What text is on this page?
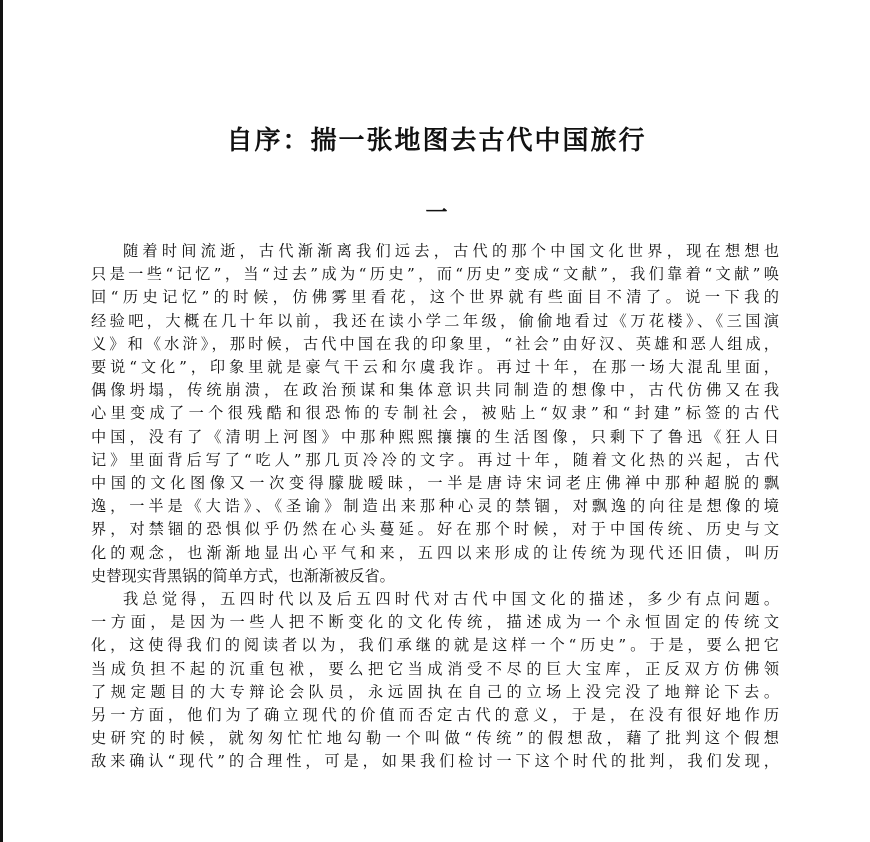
自序：揣一张地图去古代中国旅行
一
随着时间流逝，古代渐渐离我们远去，古代的那个中国文化世界，现在想想也
只是一些“记忆”，当“过去”成为“历史”，而“历史”变成“文献”，我们靠着“文献”唤
回“历史记忆”的时候，仿佛雾里看花，这个世界就有些面目不清了。说一下我的
经验吧，大概在几十年以前，我还在读小学二年级，偷偷地看过《万花楼》、《三国演
义》和《水浒》，那时候，古代中国在我的印象里，“社会”由好汉、英雄和恶人组成，
要说“文化”，印象里就是豪气干云和尔虞我诈。再过十年，在那一场大混乱里面，
偶像坍塌，传统崩溃，在政治预谋和集体意识共同制造的想像中，古代仿佛又在我
心里变成了一个很残酷和很恐怖的专制社会，被贴上“奴隶”和“封建”标签的古代
中国，没有了《清明上河图》中那种熙熙攘攘的生活图像，只剩下了鲁迅《狂人日
记》里面背后写了“吃人”那几页冷冷的文字。再过十年，随着文化热的兴起，古代
中国的文化图像又一次变得朦胧暧昧，一半是唐诗宋词老庄佛禅中那种超脱的飘
逸，一半是《大诰》、《圣谕》制造出来那种心灵的禁锢，对飘逸的向往是想像的境
界，对禁锢的恐惧似乎仍然在心头蔓延。好在那个时候，对于中国传统、历史与文
化的观念，也渐渐地显出心平气和来，五四以来形成的让传统为现代还旧债，叫历
史替现实背黑锅的简单方式，也渐渐被反省。
我总觉得，五四时代以及后五四时代对古代中国文化的描述，多少有点问题。
一方面，是因为一些人把不断变化的文化传统，描述成为一个永恒固定的传统文
化，这使得我们的阅读者以为，我们承继的就是这样一个“历史”。于是，要么把它
当成负担不起的沉重包袱，要么把它当成消受不尽的巨大宝库，正反双方仿佛领
了规定题目的大专辩论会队员，永远固执在自己的立场上没完没了地辩论下去。
另一方面，他们为了确立现代的价值而否定古代的意义，于是，在没有很好地作历
史研究的时候，就匆匆忙忙地勾勒一个叫做“传统”的假想敌，藉了批判这个假想
敌来确认“现代”的合理性，可是，如果我们检讨一下这个时代的批判，我们发现，
